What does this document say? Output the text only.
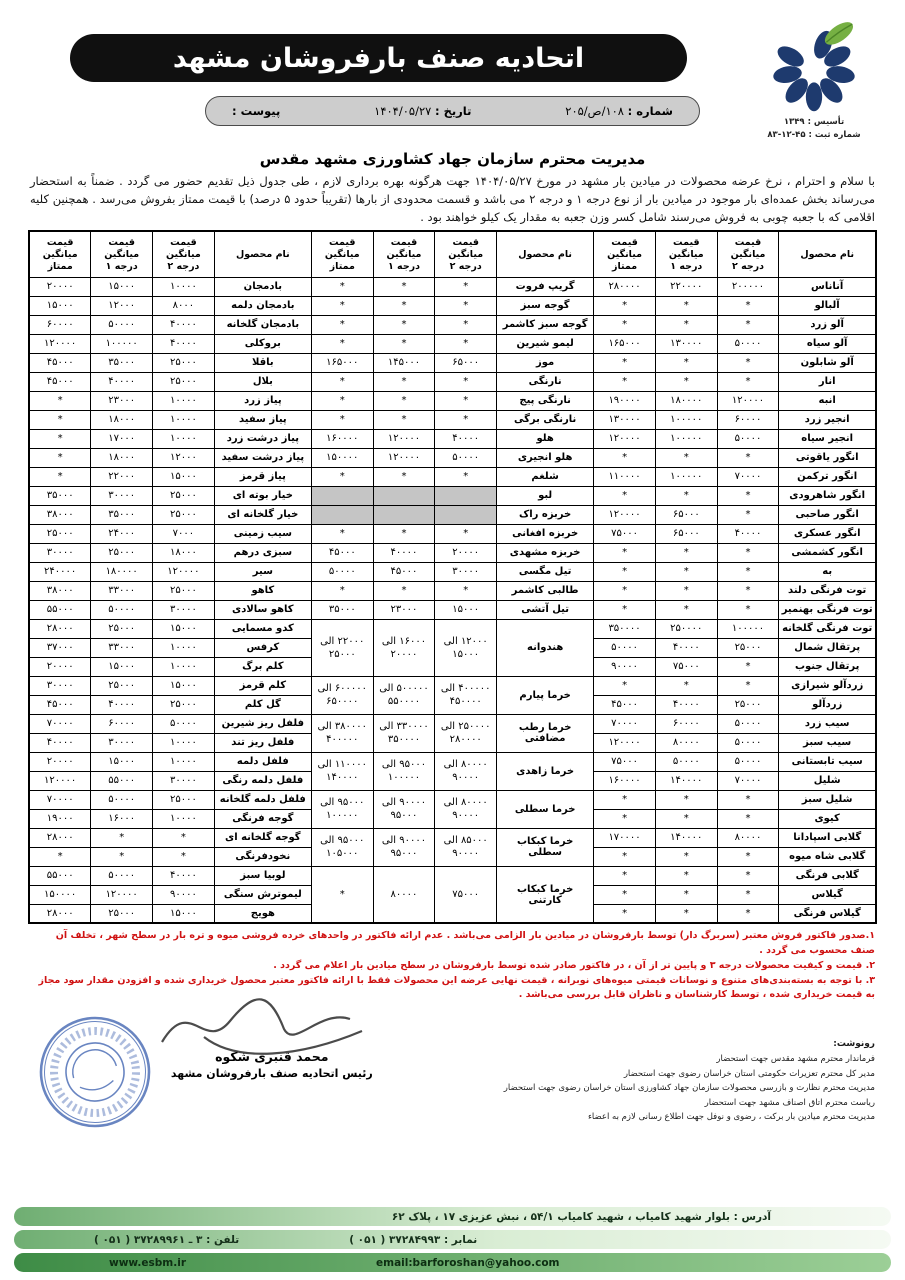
اتحادیه صنف بارفروشان مشهد
تأسیس : ۱۳۴۹
شماره ثبت : ۴۵-۱۲-۸۳
شماره : ۱۰۸/ص/۲۰۵
تاریخ : ۱۴۰۴/۰۵/۲۷
پیوست :
مدیریت محترم سازمان جهاد کشاورزی مشهد مقدس
با سلام و احترام ، نرخ عرضه محصولات در میادین بار مشهد در مورخ ۱۴۰۴/۰۵/۲۷ جهت هرگونه بهره برداری لازم ، طی جدول ذیل تقدیم حضور می گردد . ضمناً به استحضار می‌رساند بخش عمده‌ای بار موجود در میادین بار از نوع درجه ۱ و درجه ۲ می باشد و قسمت محدودی از بارها (تقریباً حدود ۵ درصد) با قیمت ممتاز بفروش می‌رسد . همچنین کلیه اقلامی که با جعبه چوبی به فروش می‌رسند شامل کسر وزن جعبه به مقدار یک کیلو خواهند بود .
نام محصول	قیمت میانگین درجه ۲	قیمت میانگین درجه ۱	قیمت میانگین ممتاز	نام محصول	قیمت میانگین درجه ۲	قیمت میانگین درجه ۱	قیمت میانگین ممتاز	نام محصول	قیمت میانگین درجه ۲	قیمت میانگین درجه ۱	قیمت میانگین ممتاز
آناناس	۲۰۰۰۰۰	۲۲۰۰۰۰	۲۸۰۰۰۰	گریپ فروت	*	*	*	بادمجان	۱۰۰۰۰	۱۵۰۰۰	۲۰۰۰۰
آلبالو	*	*	*	گوجه سبز	*	*	*	بادمجان دلمه	۸۰۰۰	۱۲۰۰۰	۱۵۰۰۰
آلو زرد	*	*	*	گوجه سبز کاشمر	*	*	*	بادمجان گلخانه	۴۰۰۰۰	۵۰۰۰۰	۶۰۰۰۰
آلو سیاه	۵۰۰۰۰	۱۳۰۰۰۰	۱۶۵۰۰۰	لیمو شیرین	*	*	*	بروکلی	۴۰۰۰۰	۱۰۰۰۰۰	۱۲۰۰۰۰
آلو شابلون	*	*	*	موز	۶۵۰۰۰	۱۴۵۰۰۰	۱۶۵۰۰۰	باقلا	۲۵۰۰۰	۳۵۰۰۰	۴۵۰۰۰
انار	*	*	*	نارنگی	*	*	*	بلال	۲۵۰۰۰	۴۰۰۰۰	۴۵۰۰۰
انبه	۱۲۰۰۰۰	۱۸۰۰۰۰	۱۹۰۰۰۰	نارنگی پیج	*	*	*	پیاز زرد	۱۰۰۰۰	۲۳۰۰۰	*
انجیر زرد	۶۰۰۰۰	۱۰۰۰۰۰	۱۳۰۰۰۰	نارنگی برگی	*	*	*	پیاز سفید	۱۰۰۰۰	۱۸۰۰۰	*
انجیر سیاه	۵۰۰۰۰	۱۰۰۰۰۰	۱۲۰۰۰۰	هلو	۴۰۰۰۰	۱۲۰۰۰۰	۱۶۰۰۰۰	پیاز درشت زرد	۱۰۰۰۰	۱۷۰۰۰	*
انگور یاقوتی	*	*	*	هلو انجیری	۵۰۰۰۰	۱۲۰۰۰۰	۱۵۰۰۰۰	پیاز درشت سفید	۱۲۰۰۰	۱۸۰۰۰	*
انگور ترکمن	۷۰۰۰۰	۱۰۰۰۰۰	۱۱۰۰۰۰	شلغم	*	*	*	پیاز قرمز	۱۵۰۰۰	۲۲۰۰۰	*
انگور شاهرودی	*	*	*	لبو				خیار بوته ای	۲۵۰۰۰	۳۰۰۰۰	۳۵۰۰۰
انگور صاحبی	*	۶۵۰۰۰	۱۲۰۰۰۰	خربزه راک				خیار گلخانه ای	۲۵۰۰۰	۳۵۰۰۰	۳۸۰۰۰
انگور عسکری	۴۰۰۰۰	۶۵۰۰۰	۷۵۰۰۰	خربزه افغانی	*	*	*	سیب زمینی	۷۰۰۰	۲۴۰۰۰	۲۵۰۰۰
انگور کشمشی	*	*	*	خربزه مشهدی	۲۰۰۰۰	۴۰۰۰۰	۴۵۰۰۰	سبزی درهم	۱۸۰۰۰	۲۵۰۰۰	۳۰۰۰۰
به	*	*	*	تیل مگسی	۳۰۰۰۰	۴۵۰۰۰	۵۰۰۰۰	سیر	۱۲۰۰۰۰	۱۸۰۰۰۰	۲۴۰۰۰۰
توت فرنگی دلند	*	*	*	طالبی کاشمر	*	*	*	کاهو	۲۵۰۰۰	۳۳۰۰۰	۳۸۰۰۰
توت فرنگی بهنمیر	*	*	*	تیل آتشی	۱۵۰۰۰	۲۳۰۰۰	۳۵۰۰۰	کاهو سالادی	۳۰۰۰۰	۵۰۰۰۰	۵۵۰۰۰
توت فرنگی گلخانه	۱۰۰۰۰۰	۲۵۰۰۰۰	۳۵۰۰۰۰	هندوانه	۱۲۰۰۰ الی ۱۵۰۰۰	۱۶۰۰۰ الی ۲۰۰۰۰	۲۲۰۰۰ الی ۲۵۰۰۰	کدو مسمایی	۱۵۰۰۰	۲۵۰۰۰	۲۸۰۰۰
پرتقال شمال	۲۵۰۰۰	۴۰۰۰۰	۵۰۰۰۰					کرفس	۱۰۰۰۰	۳۳۰۰۰	۳۷۰۰۰
پرتقال جنوب	*	۷۵۰۰۰	۹۰۰۰۰					کلم برگ	۱۰۰۰۰	۱۵۰۰۰	۲۰۰۰۰
زردآلو شیرازی	*	*	*	خرما پیارم	۴۰۰۰۰۰ الی ۴۵۰۰۰۰	۵۰۰۰۰۰ الی ۵۵۰۰۰۰	۶۰۰۰۰۰ الی ۶۵۰۰۰۰	کلم قرمز	۱۵۰۰۰	۲۵۰۰۰	۳۰۰۰۰
زردآلو	۲۵۰۰۰	۴۰۰۰۰	۴۵۰۰۰					گل کلم	۲۵۰۰۰	۴۰۰۰۰	۴۵۰۰۰
سیب زرد	۵۰۰۰۰	۶۰۰۰۰	۷۰۰۰۰	خرما رطب مضافتی	۲۵۰۰۰۰ الی ۲۸۰۰۰۰	۳۳۰۰۰۰ الی ۳۵۰۰۰۰	۳۸۰۰۰۰ الی ۴۰۰۰۰۰	فلفل ریز شیرین	۵۰۰۰۰	۶۰۰۰۰	۷۰۰۰۰
سیب سبز	۵۰۰۰۰	۸۰۰۰۰	۱۲۰۰۰۰					فلفل ریز تند	۱۰۰۰۰	۳۰۰۰۰	۴۰۰۰۰
سیب تابستانی	۵۰۰۰۰	۵۰۰۰۰	۷۵۰۰۰	خرما زاهدی	۸۰۰۰۰ الی ۹۰۰۰۰	۹۵۰۰۰ الی ۱۰۰۰۰۰	۱۱۰۰۰۰ الی ۱۴۰۰۰۰	فلفل دلمه	۱۰۰۰۰	۱۵۰۰۰	۲۰۰۰۰
شلیل	۷۰۰۰۰	۱۴۰۰۰۰	۱۶۰۰۰۰					فلفل دلمه رنگی	۳۰۰۰۰	۵۵۰۰۰	۱۲۰۰۰۰
شلیل سبز	*	*	*	خرما سطلی	۸۰۰۰۰ الی ۹۰۰۰۰	۹۰۰۰۰ الی ۹۵۰۰۰	۹۵۰۰۰ الی ۱۰۰۰۰۰	فلفل دلمه گلخانه	۲۵۰۰۰	۵۰۰۰۰	۷۰۰۰۰
کیوی	*	*	*					گوجه فرنگی	۱۰۰۰۰	۱۶۰۰۰	۱۹۰۰۰
گلابی اسپادانا	۸۰۰۰۰	۱۴۰۰۰۰	۱۷۰۰۰۰	خرما کبکاب سطلی	۸۵۰۰۰ الی ۹۰۰۰۰	۹۰۰۰۰ الی ۹۵۰۰۰	۹۵۰۰۰ الی ۱۰۵۰۰۰	گوجه گلخانه ای	*	*	۲۸۰۰۰
گلابی شاه میوه	*	*	*					نخودفرنگی	*	*	*
گلابی فرنگی	*	*	*	خرما کبکاب کارتنی	۷۵۰۰۰	۸۰۰۰۰	*	لوبیا سبز	۴۰۰۰۰	۵۰۰۰۰	۵۵۰۰۰
گیلاس	*	*	*					لیموترش سنگی	۹۰۰۰۰	۱۲۰۰۰۰	۱۵۰۰۰۰
گیلاس فرنگی	*	*	*					هویج	۱۵۰۰۰	۲۵۰۰۰	۲۸۰۰۰
۱.صدور فاکتور فروش معتبر (سربرگ دار) توسط بارفروشان در میادین بار الزامی می‌باشد . عدم ارائه فاکتور در واحدهای خرده فروشی میوه و تره بار در سطح شهر ، تخلف آن صنف محسوب می گردد .
۲. قیمت و کیفیت محصولات درجه ۳ و پایین تر از آن ، در فاکتور صادر شده توسط بارفروشان در سطح میادین بار اعلام می گردد .
۳. با توجه به بسته‌بندی‌های متنوع و نوسانات قیمتی میوه‌های نوبرانه ، قیمت نهایی عرضه این محصولات فقط با ارائه فاکتور معتبر محصول خریداری شده و افزودن مقدار سود مجاز به قیمت خریداری شده ، توسط کارشناسان و ناظران قابل بررسی می‌باشد .
رونوشت:
فرماندار محترم مشهد مقدس جهت استحضار
مدیر کل محترم تعزیرات حکومتی استان خراسان رضوی جهت استحضار
مدیریت محترم نظارت و بازرسی محصولات سازمان جهاد کشاورزی استان خراسان رضوی جهت استحضار
ریاست محترم اتاق اصناف مشهد جهت استحضار
مدیریت محترم میادین بار برکت ، رضوی و نوفل جهت اطلاع رسانی لازم به اعضاء
محمد قنبری شکوه
رئیس اتحادیه صنف بارفروشان مشهد
آدرس : بلوار شهید کامیاب ، شهید کامیاب ۵۴/۱ ، نبش عزیزی ۱۷ ، پلاک ۶۲
تلفن : ۳ ـ ۳۷۲۸۹۹۶۱ ( ۰۵۱ )	نمابر : ۳۷۲۸۴۹۹۳ ( ۰۵۱ )
www.esbm.ir	email:barforoshan@yahoo.com
